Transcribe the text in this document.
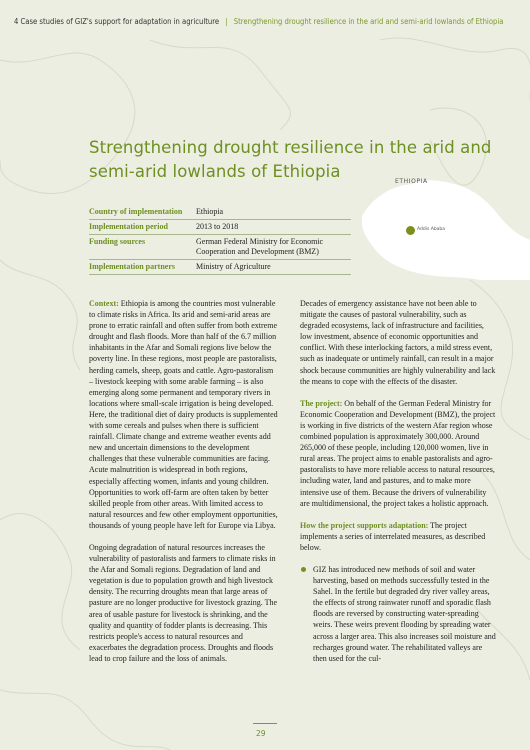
4 Case studies of GIZ's support for adaptation in agriculture | Strengthening drought resilience in the arid and semi-arid lowlands of Ethiopia
Strengthening drought resilience in the arid and semi-arid lowlands of Ethiopia
ETHIOPIA
Addis Ababa
Country of implementation	Ethiopia
Implementation period	2013 to 2018
Funding sources	German Federal Ministry for Economic Cooperation and Development (BMZ)
Implementation partners	Ministry of Agriculture

Context: Ethiopia is among the countries most vulnerable to climate risks in Africa. Its arid and semi-arid areas are prone to erratic rainfall and often suffer from both extreme drought and flash floods. More than half of the 6.7 million inhabitants in the Afar and Somali regions live below the poverty line. In these regions, most people are pastoralists, herding camels, sheep, goats and cattle. Agro-pastoralism – livestock keeping with some arable farming – is also emerging along some permanent and temporary rivers in locations where small-scale irrigation is being developed. Here, the traditional diet of dairy products is supplemented with some cereals and pulses when there is sufficient rainfall. Climate change and extreme weather events add new and uncertain dimensions to the development challenges that these vulnerable communities are facing. Acute malnutrition is widespread in both regions, especially affecting women, infants and young children. Opportunities to work off-farm are often taken by better skilled people from other areas. With limited access to natural resources and few other employment opportunities, thousands of young people have left for Europe via Libya.

Ongoing degradation of natural resources increases the vulnerability of pastoralists and farmers to climate risks in the Afar and Somali regions. Degradation of land and vegetation is due to population growth and high livestock density. The recurring droughts mean that large areas of pasture are no longer productive for livestock grazing. The area of usable pasture for livestock is shrinking, and the quality and quantity of fodder plants is decreasing. This restricts people's access to natural resources and exacerbates the degradation process. Droughts and floods lead to crop failure and the loss of animals.

Decades of emergency assistance have not been able to mitigate the causes of pastoral vulnerability, such as degraded ecosystems, lack of infrastructure and facilities, low investment, absence of economic opportunities and conflict. With these interlocking factors, a mild stress event, such as inadequate or untimely rainfall, can result in a major shock because communities are highly vulnerability and lack the means to cope with the effects of the disaster.

The project: On behalf of the German Federal Ministry for Economic Cooperation and Development (BMZ), the project is working in five districts of the western Afar region whose combined population is approximately 300,000. Around 265,000 of these people, including 120,000 women, live in rural areas. The project aims to enable pastoralists and agro-pastoralists to have more reliable access to natural resources, including water, land and pastures, and to make more intensive use of them. Because the drivers of vulnerability are multidimensional, the project takes a holistic approach.

How the project supports adaptation: The project implements a series of interrelated measures, as described below.

GIZ has introduced new methods of soil and water harvesting, based on methods successfully tested in the Sahel. In the fertile but degraded dry river valley areas, the effects of strong rainwater runoff and sporadic flash floods are reversed by constructing water-spreading weirs. These weirs prevent flooding by spreading water across a larger area. This also increases soil moisture and recharges ground water. The rehabilitated valleys are then used for the cul-

29
